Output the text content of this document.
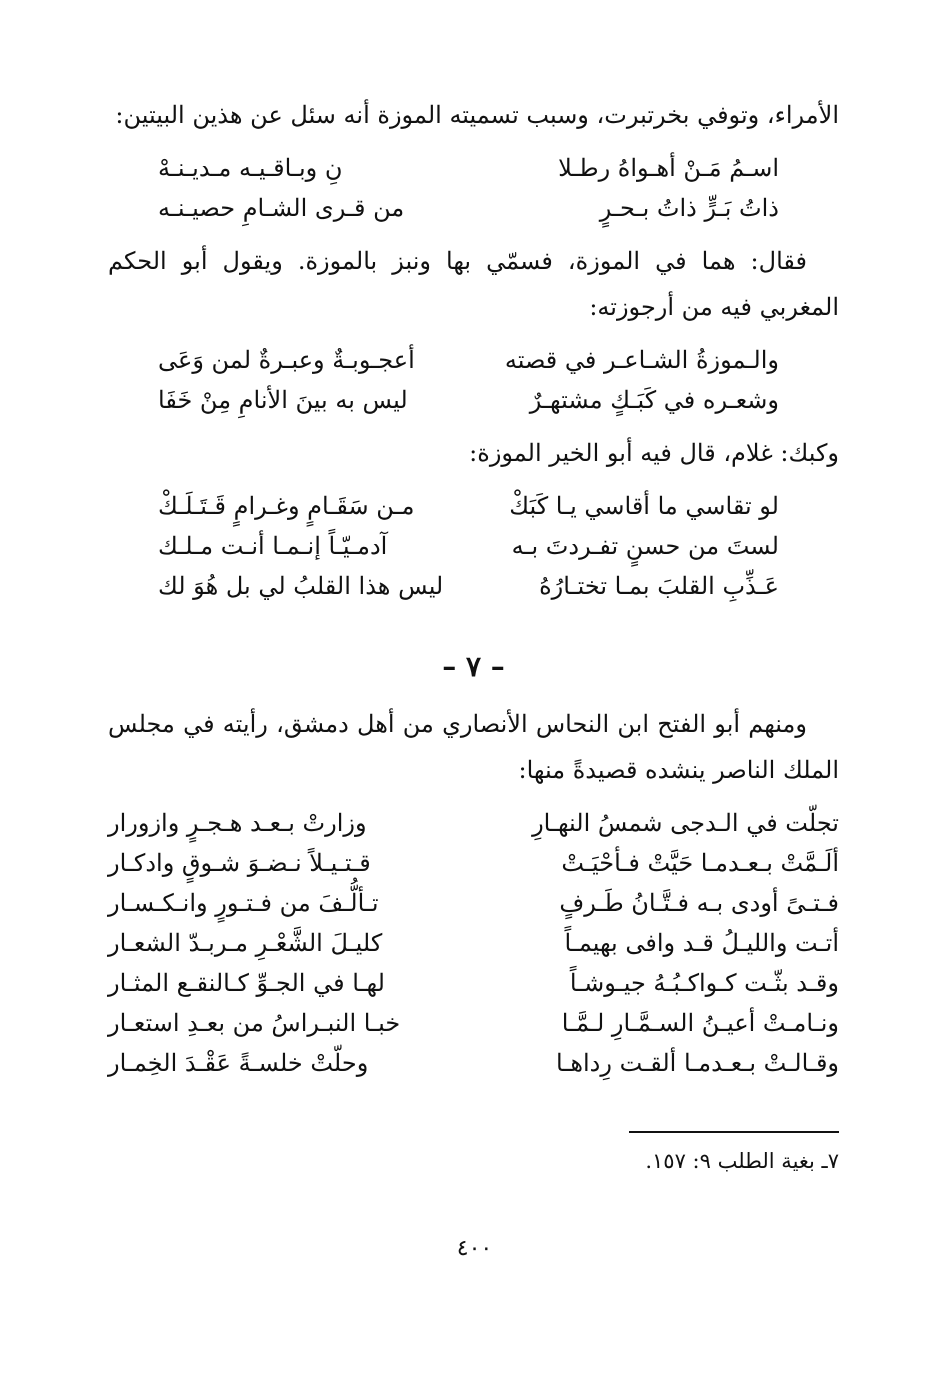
الأمراء، وتوفي بخرتبرت، وسبب تسميته الموزة أنه سئل عن هذين البيتين:

اسـمُ مَـنْ أهـواهُ رطـلا
نِ وبـاقـيـه مـديـنـهْ
ذاتُ بَـرٍّ ذاتُ بـحـرٍ
من قـرى الشـامِ حصيـنـه

فقال: هما في الموزة، فسمّي بها ونبز بالموزة. ويقول أبو الحكم المغربي فيه من أرجوزته:

والـموزةُ الشـاعـر في قصته
أعجـوبـةٌ وعبـرةٌ لمن وَعَى
وشعـره في كَبَـكٍ مشتهـرٌ
ليس به بينَ الأنامِ مِنْ خَفَا

وكبك: غلام، قال فيه أبو الخير الموزة:

لو تقاسي ما أقاسي يـا كَبَكْ
مـن سَقَـامٍ وغـرامٍ قَـتَـلَـكْ
لستَ من حسنٍ تفـردتَ بـه
آدمـيّـاً إنـمـا أنـت مـلـك
عَـذِّبِ القلبَ بمـا تختـارُهُ
ليس هذا القلبُ لي بل هُوَ لك
– ٧ –

ومنهم أبو الفتح ابن النحاس الأنصاري من أهل دمشق، رأيته في مجلس الملك الناصر ينشده قصيدةً منها:

تجلّت في الـدجى شمسُ النهـارِ
وزارتْ بـعـد هـجـرٍ وازورار
ألَـمَّتْ بـعـدمـا حَيَّتْ فـأحْيَـتْ
قـتـيـلاً نـضـوَ شـوقٍ وادكـار
فـتـىً أودى بـه فـتَّـانُ طَـرفٍ
تـألُّـفَ من فـتـورٍ وانـكـسـار
أتـت والليـلُ قـد وافى بهيمـاً
كليـلَ الشَّعْـرِ مـربـدّ الشعـار
وقـد بثّـت كـواكـبُـهُ جيـوشـاً
لهـا في الجـوِّ كـالنقـع المثـار
ونـامـتْ أعيـنُ السـمَّـارِ لـمَّـا
خبـا النبـراسُ من بعـدِ استعـار
وقـالـتْ بـعـدمـا ألقـت رِداهـا
وحلّتْ خلسـةً عَقْـدَ الخِمـار

٧ـ بغية الطلب ٩: ١٥٧.

٤٠٠
